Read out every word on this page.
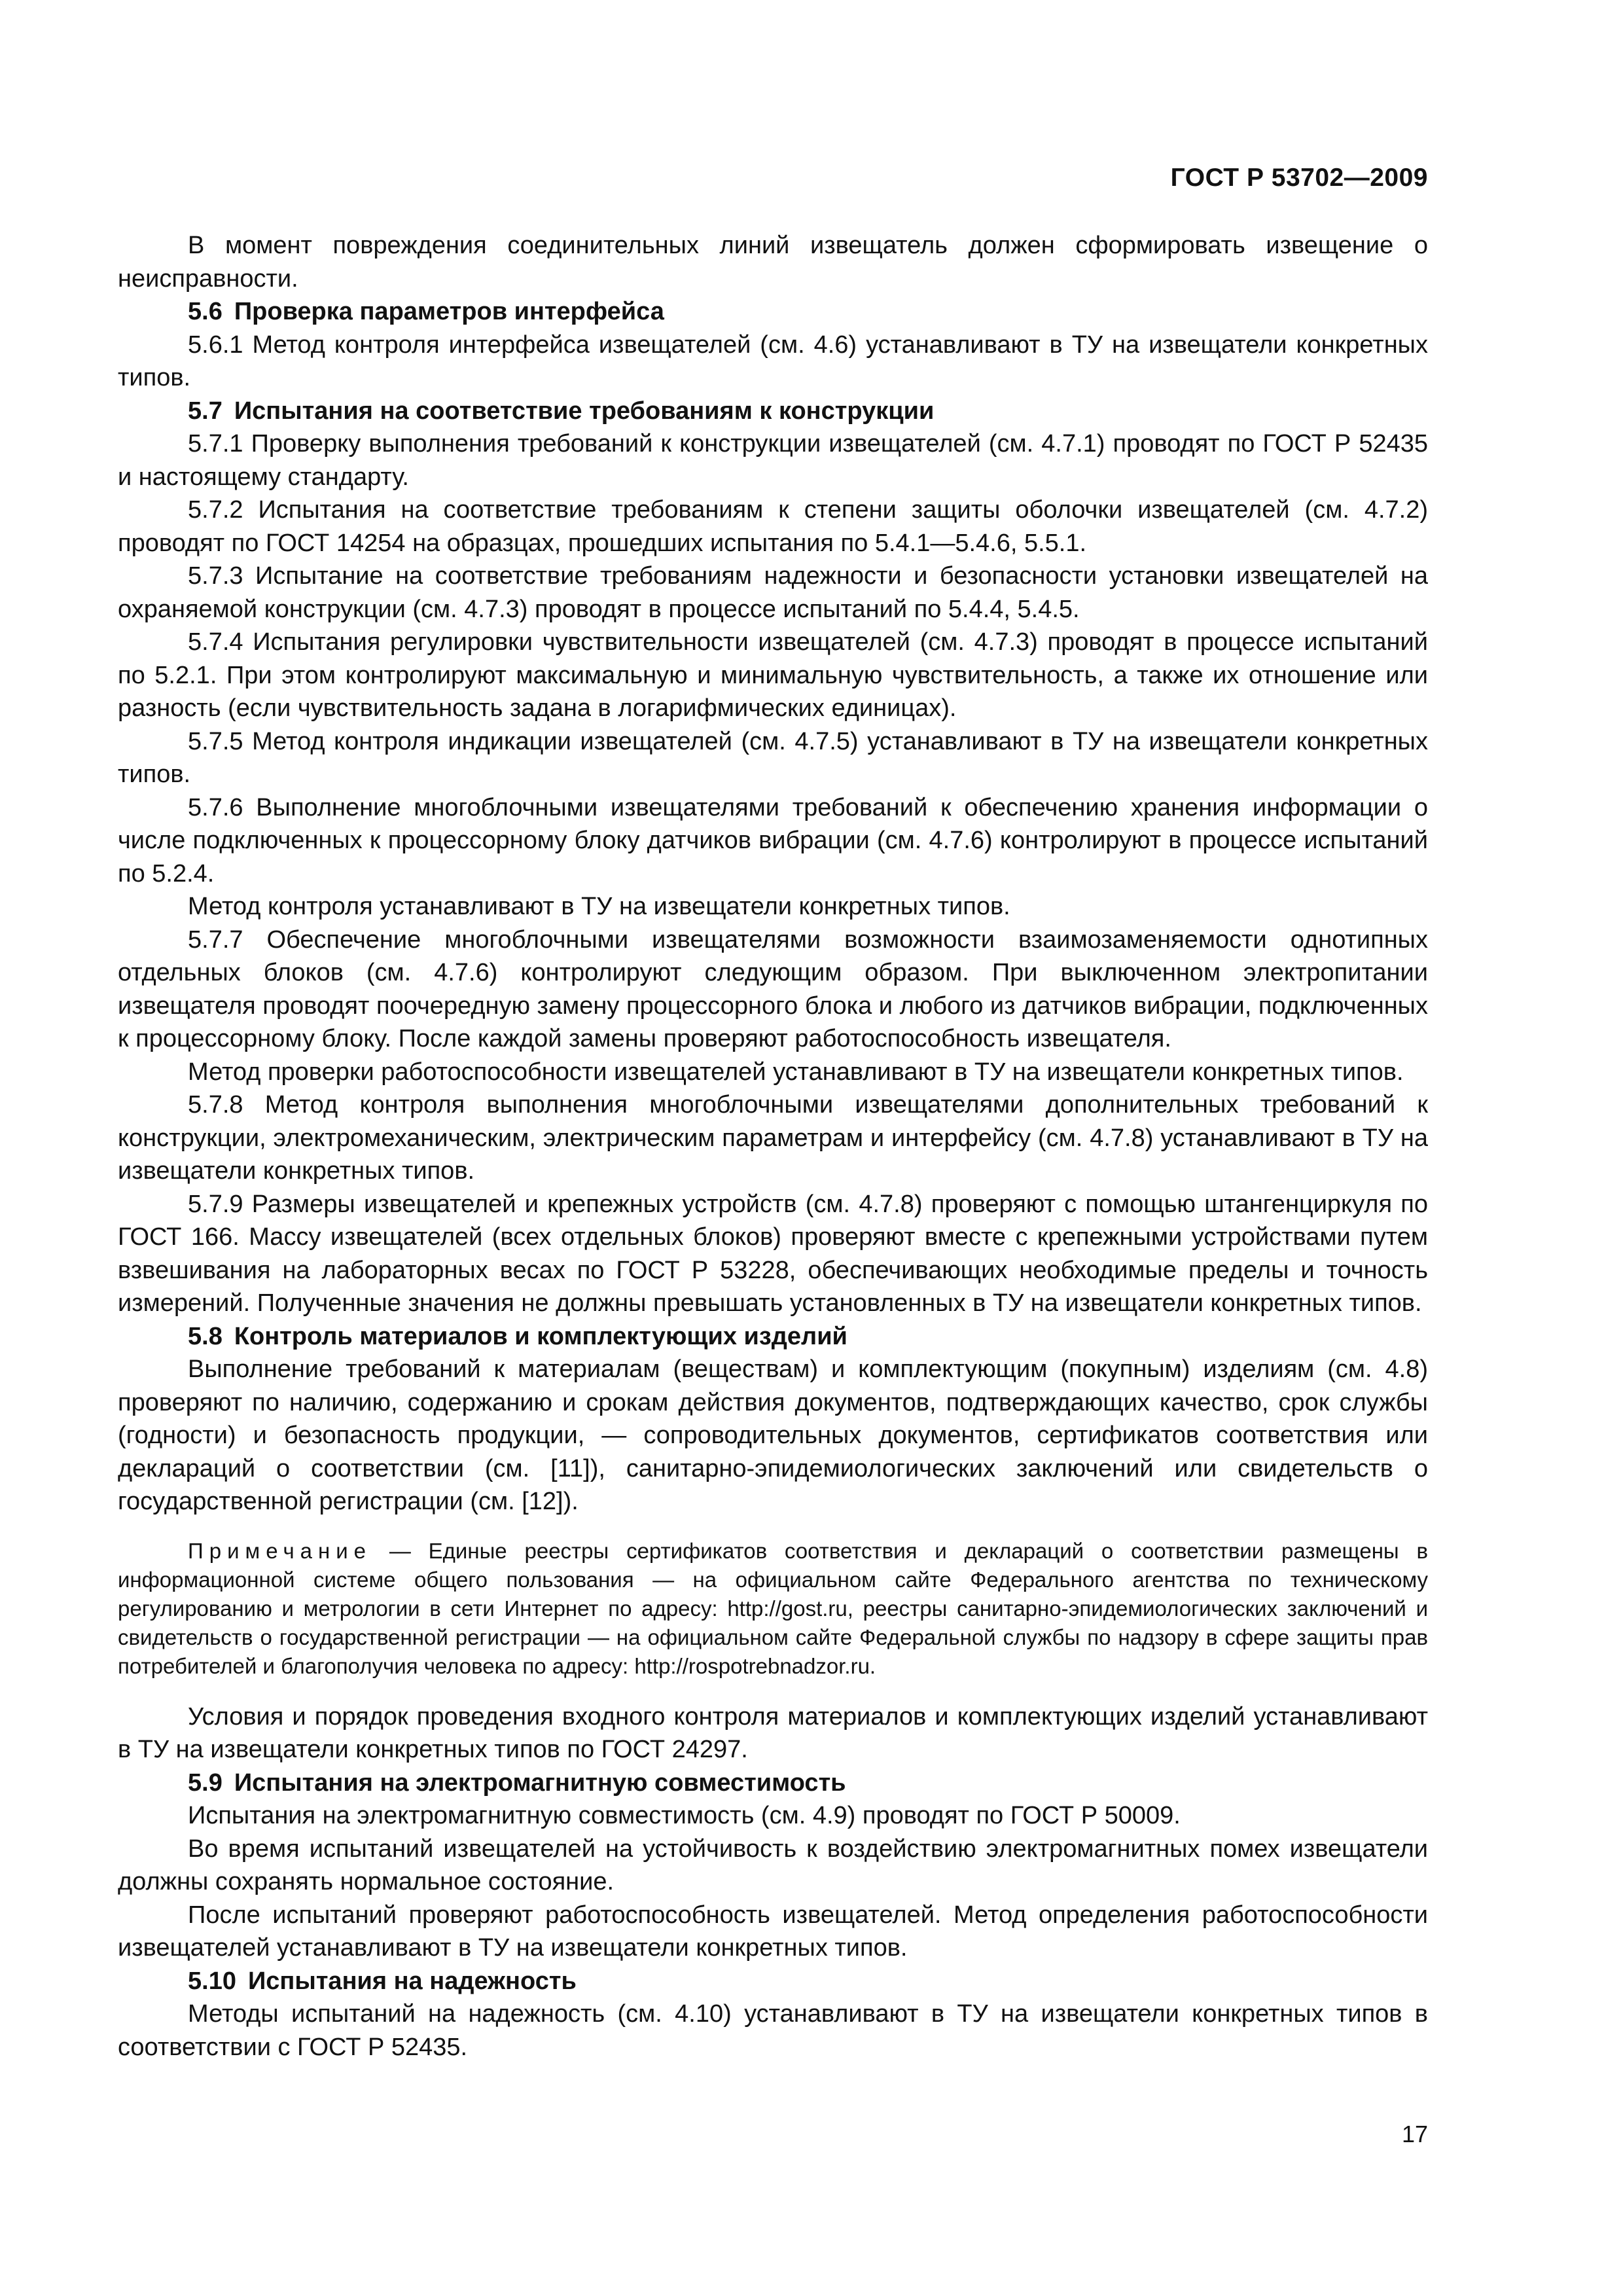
ГОСТ Р 53702—2009

В момент повреждения соединительных линий извещатель должен сформировать извещение о неисправности.

5.6 Проверка параметров интерфейса

5.6.1 Метод контроля интерфейса извещателей (см. 4.6) устанавливают в ТУ на извещатели конкретных типов.

5.7 Испытания на соответствие требованиям к конструкции

5.7.1 Проверку выполнения требований к конструкции извещателей (см. 4.7.1) проводят по ГОСТ Р 52435 и настоящему стандарту.

5.7.2 Испытания на соответствие требованиям к степени защиты оболочки извещателей (см. 4.7.2) проводят по ГОСТ 14254 на образцах, прошедших испытания по 5.4.1—5.4.6, 5.5.1.

5.7.3 Испытание на соответствие требованиям надежности и безопасности установки извещателей на охраняемой конструкции (см. 4.7.3) проводят в процессе испытаний по 5.4.4, 5.4.5.

5.7.4 Испытания регулировки чувствительности извещателей (см. 4.7.3) проводят в процессе испытаний по 5.2.1. При этом контролируют максимальную и минимальную чувствительность, а также их отношение или разность (если чувствительность задана в логарифмических единицах).

5.7.5 Метод контроля индикации извещателей (см. 4.7.5) устанавливают в ТУ на извещатели конкретных типов.

5.7.6 Выполнение многоблочными извещателями требований к обеспечению хранения информации о числе подключенных к процессорному блоку датчиков вибрации (см. 4.7.6) контролируют в процессе испытаний по 5.2.4.

Метод контроля устанавливают в ТУ на извещатели конкретных типов.

5.7.7 Обеспечение многоблочными извещателями возможности взаимозаменяемости однотипных отдельных блоков (см. 4.7.6) контролируют следующим образом. При выключенном электропитании извещателя проводят поочередную замену процессорного блока и любого из датчиков вибрации, подключенных к процессорному блоку. После каждой замены проверяют работоспособность извещателя.

Метод проверки работоспособности извещателей устанавливают в ТУ на извещатели конкретных типов.

5.7.8 Метод контроля выполнения многоблочными извещателями дополнительных требований к конструкции, электромеханическим, электрическим параметрам и интерфейсу (см. 4.7.8) устанавливают в ТУ на извещатели конкретных типов.

5.7.9 Размеры извещателей и крепежных устройств (см. 4.7.8) проверяют с помощью штангенциркуля по ГОСТ 166. Массу извещателей (всех отдельных блоков) проверяют вместе с крепежными устройствами путем взвешивания на лабораторных весах по ГОСТ Р 53228, обеспечивающих необходимые пределы и точность измерений. Полученные значения не должны превышать установленных в ТУ на извещатели конкретных типов.

5.8 Контроль материалов и комплектующих изделий

Выполнение требований к материалам (веществам) и комплектующим (покупным) изделиям (см. 4.8) проверяют по наличию, содержанию и срокам действия документов, подтверждающих качество, срок службы (годности) и безопасность продукции, — сопроводительных документов, сертификатов соответствия или деклараций о соответствии (см. [11]), санитарно-эпидемиологических заключений или свидетельств о государственной регистрации (см. [12]).

Примечание — Единые реестры сертификатов соответствия и деклараций о соответствии размещены в информационной системе общего пользования — на официальном сайте Федерального агентства по техническому регулированию и метрологии в сети Интернет по адресу: http://gost.ru, реестры санитарно-эпидемиологических заключений и свидетельств о государственной регистрации — на официальном сайте Федеральной службы по надзору в сфере защиты прав потребителей и благополучия человека по адресу: http://rospotrebnadzor.ru.

Условия и порядок проведения входного контроля материалов и комплектующих изделий устанавливают в ТУ на извещатели конкретных типов по ГОСТ 24297.

5.9 Испытания на электромагнитную совместимость

Испытания на электромагнитную совместимость (см. 4.9) проводят по ГОСТ Р 50009.

Во время испытаний извещателей на устойчивость к воздействию электромагнитных помех извещатели должны сохранять нормальное состояние.

После испытаний проверяют работоспособность извещателей. Метод определения работоспособности извещателей устанавливают в ТУ на извещатели конкретных типов.

5.10 Испытания на надежность

Методы испытаний на надежность (см. 4.10) устанавливают в ТУ на извещатели конкретных типов в соответствии с ГОСТ Р 52435.

17
